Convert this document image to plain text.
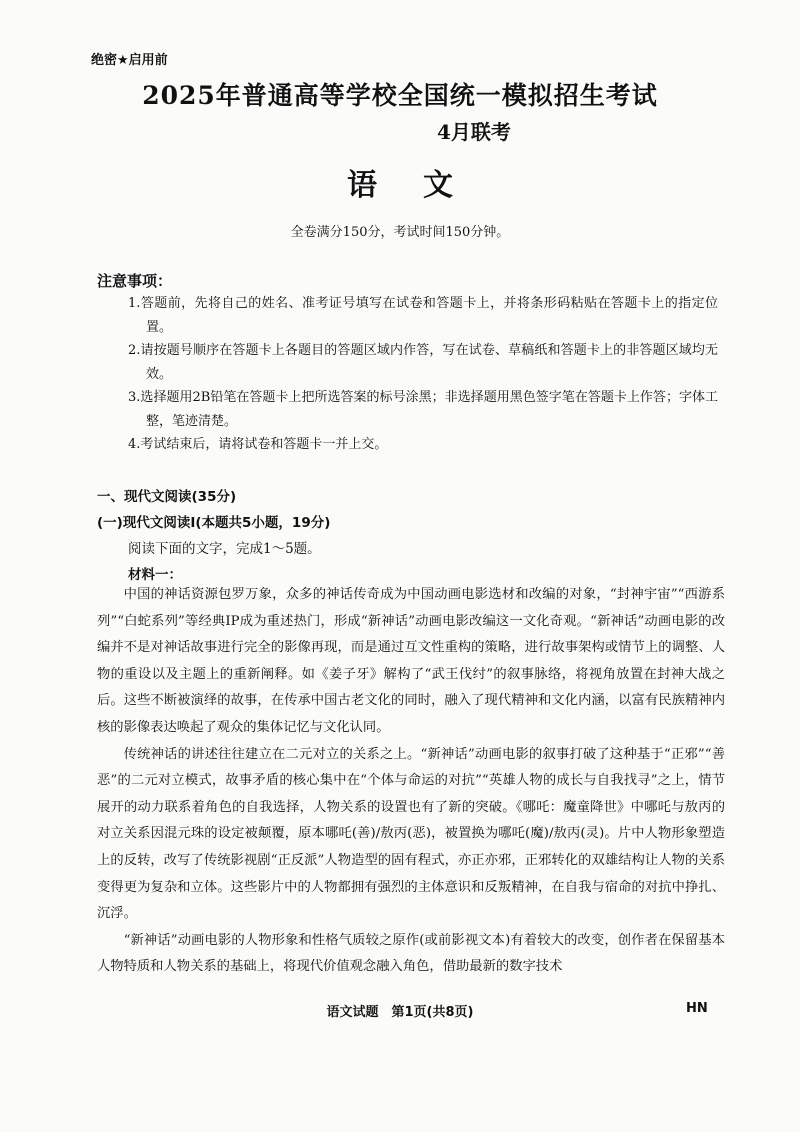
绝密★启用前
2025年普通高等学校全国统一模拟招生考试
4月联考
语文
全卷满分150分，考试时间150分钟。
注意事项：
1.答题前，先将自己的姓名、准考证号填写在试卷和答题卡上，并将条形码粘贴在答题卡上的指定位置。
2.请按题号顺序在答题卡上各题目的答题区域内作答，写在试卷、草稿纸和答题卡上的非答题区域均无效。
3.选择题用2B铅笔在答题卡上把所选答案的标号涂黑；非选择题用黑色签字笔在答题卡上作答；字体工整，笔迹清楚。
4.考试结束后，请将试卷和答题卡一并上交。
一、现代文阅读(35分)
(一)现代文阅读Ⅰ(本题共5小题，19分)
阅读下面的文字，完成1～5题。
材料一：

中国的神话资源包罗万象，众多的神话传奇成为中国动画电影选材和改编的对象，“封神宇宙”“西游系列”“白蛇系列”等经典IP成为重述热门，形成“新神话”动画电影改编这一文化奇观。“新神话”动画电影的改编并不是对神话故事进行完全的影像再现，而是通过互文性重构的策略，进行故事架构或情节上的调整、人物的重设以及主题上的重新阐释。如《姜子牙》解构了“武王伐纣”的叙事脉络，将视角放置在封神大战之后。这些不断被演绎的故事，在传承中国古老文化的同时，融入了现代精神和文化内涵，以富有民族精神内核的影像表达唤起了观众的集体记忆与文化认同。

传统神话的讲述往往建立在二元对立的关系之上。“新神话”动画电影的叙事打破了这种基于“正邪”“善恶”的二元对立模式，故事矛盾的核心集中在“个体与命运的对抗”“英雄人物的成长与自我找寻”之上，情节展开的动力联系着角色的自我选择，人物关系的设置也有了新的突破。《哪吒：魔童降世》中哪吒与敖丙的对立关系因混元珠的设定被颠覆，原本哪吒(善)/敖丙(恶)，被置换为哪吒(魔)/敖丙(灵)。片中人物形象塑造上的反转，改写了传统影视剧“正反派”人物造型的固有程式，亦正亦邪，正邪转化的双雄结构让人物的关系变得更为复杂和立体。这些影片中的人物都拥有强烈的主体意识和反叛精神，在自我与宿命的对抗中挣扎、沉浮。

“新神话”动画电影的人物形象和性格气质较之原作(或前影视文本)有着较大的改变，创作者在保留基本人物特质和人物关系的基础上，将现代价值观念融入角色，借助最新的数字技术

语文试题　第1页(共8页)	HN
